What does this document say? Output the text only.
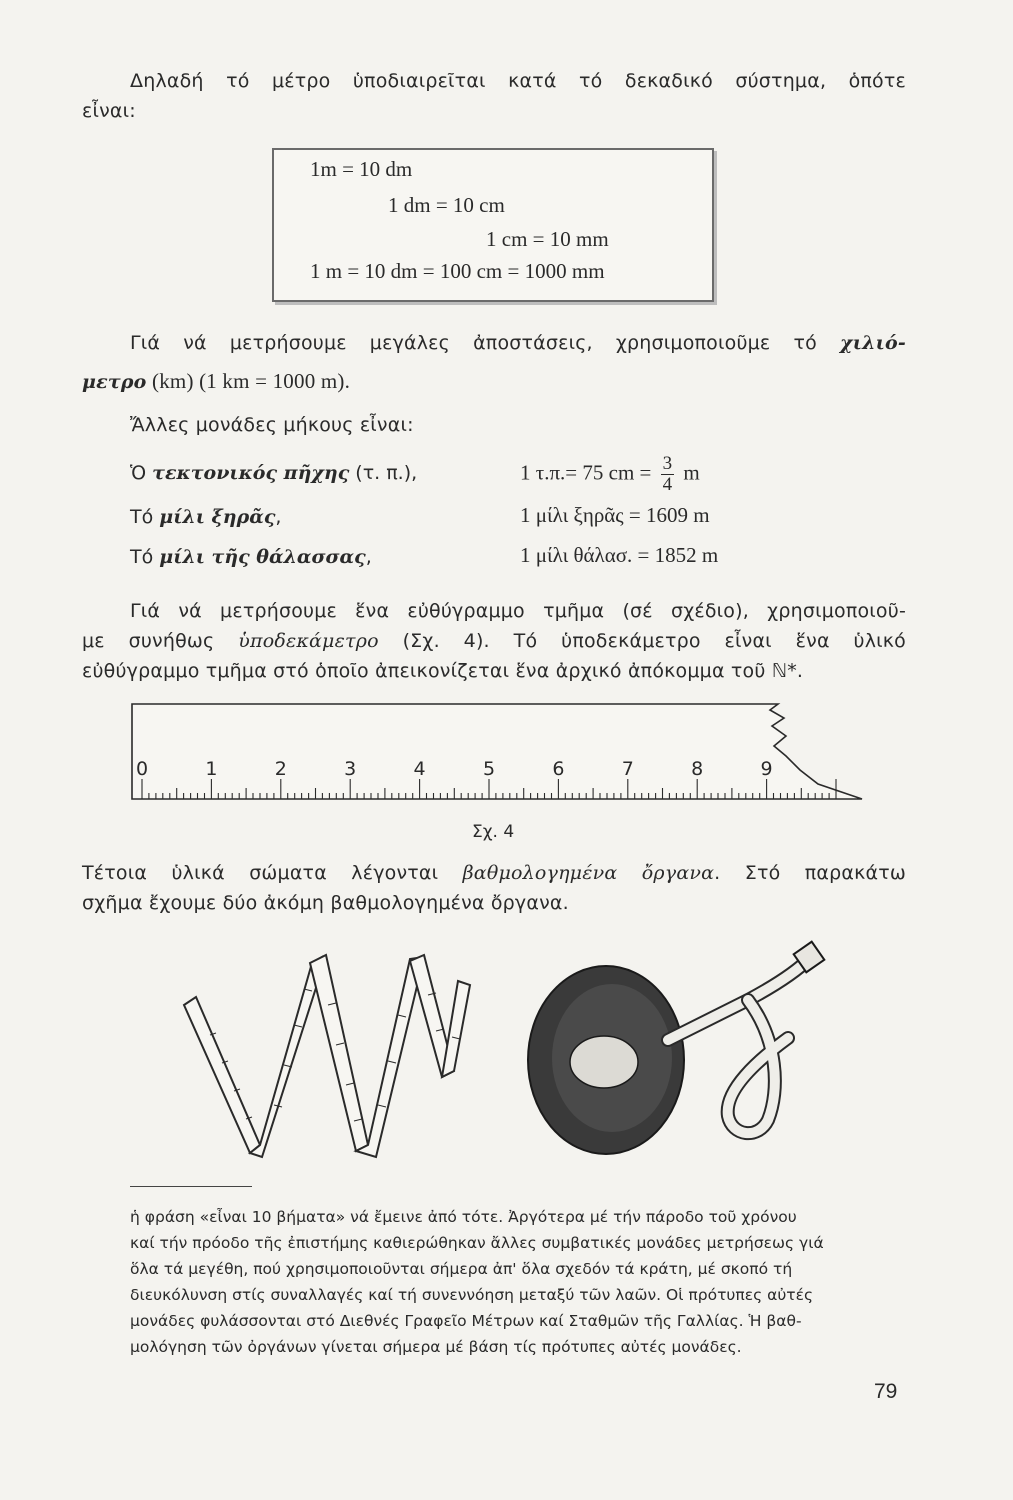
Δηλαδή τό μέτρο ὑποδιαιρεῖται κατά τό δεκαδικό σύστημα, ὁπότε
εἶναι:
1m = 10 dm
1 dm = 10 cm
1 cm = 10 mm
1 m = 10 dm = 100 cm = 1000 mm
Γιά νά μετρήσουμε μεγάλες ἀποστάσεις, χρησιμοποιοῦμε τό χιλιό-
μετρο (km) (1 km = 1000 m).
Ἄλλες μονάδες μήκους εἶναι:
Ὁ τεκτονικός πῆχης (τ. π.),	1 τ.π.= 75 cm = $\frac{3}{4}$ m
Τό μίλι ξηρᾶς,	1 μίλι ξηρᾶς = 1609 m
Τό μίλι τῆς θάλασσας,	1 μίλι θάλασ. = 1852 m
Γιά νά μετρήσουμε ἕνα εὐθύγραμμο τμῆμα (σέ σχέδιο), χρησιμοποιοῦ-
με συνήθως ὑποδεκάμετρο (Σχ. 4). Τό ὑποδεκάμετρο εἶναι ἕνα ὑλικό
εὐθύγραμμο τμῆμα στό ὁποῖο ἀπεικονίζεται ἕνα ἀρχικό ἀπόκομμα τοῦ ℕ*.
0	1	2	3	4	5	6	7	8	9
Σχ. 4
Τέτοια ὑλικά σώματα λέγονται βαθμολογημένα ὄργανα. Στό παρακάτω
σχῆμα ἔχουμε δύο ἀκόμη βαθμολογημένα ὄργανα.
ἡ φράση «εἶναι 10 βήματα» νά ἔμεινε ἀπό τότε. Ἀργότερα μέ τήν πάροδο τοῦ χρόνου
καί τήν πρόοδο τῆς ἐπιστήμης καθιερώθηκαν ἄλλες συμβατικές μονάδες μετρήσεως γιά
ὅλα τά μεγέθη, πού χρησιμοποιοῦνται σήμερα ἀπ' ὅλα σχεδόν τά κράτη, μέ σκοπό τή
διευκόλυνση στίς συναλλαγές καί τή συνεννόηση μεταξύ τῶν λαῶν. Οἱ πρότυπες αὐτές
μονάδες φυλάσσονται στό Διεθνές Γραφεῖο Μέτρων καί Σταθμῶν τῆς Γαλλίας. Ἡ βαθ-
μολόγηση τῶν ὀργάνων γίνεται σήμερα μέ βάση τίς πρότυπες αὐτές μονάδες.
79
